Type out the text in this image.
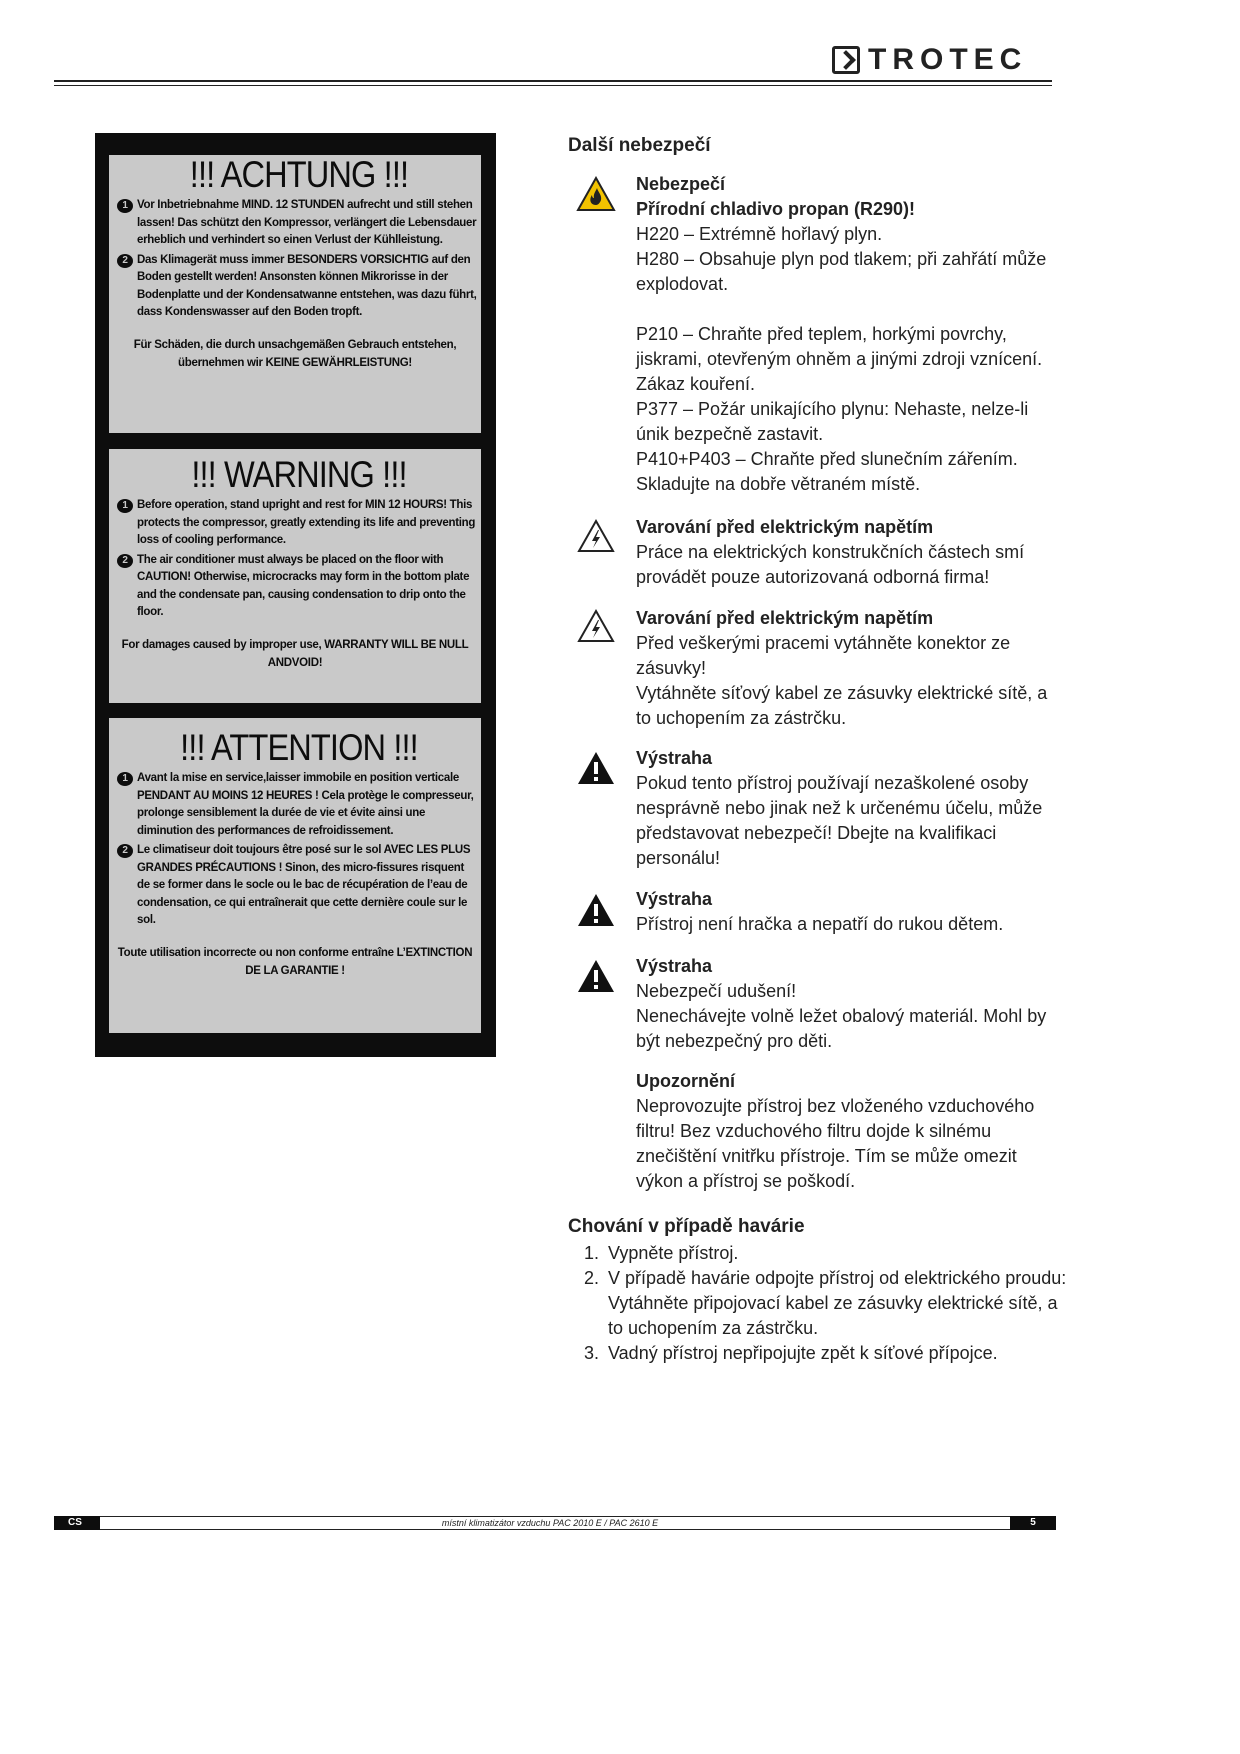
TROTEC
!!! ACHTUNG !!!
1 Vor Inbetriebnahme MIND. 12 STUNDEN aufrecht und still stehen lassen! Das schützt den Kompressor, verlängert die Lebensdauer erheblich und verhindert so einen Verlust der Kühlleistung.
2 Das Klimagerät muss immer BESONDERS VORSICHTIG auf den Boden gestellt werden! Ansonsten können Mikrorisse in der Bodenplatte und der Kondensatwanne entstehen, was dazu führt, dass Kondenswasser auf den Boden tropft.
Für Schäden, die durch unsachgemäßen Gebrauch entstehen, übernehmen wir KEINE GEWÄHRLEISTUNG!
!!! WARNING !!!
1 Before operation, stand upright and rest for MIN 12 HOURS! This protects the compressor, greatly extending its life and preventing loss of cooling performance.
2 The air conditioner must always be placed on the floor with CAUTION! Otherwise, microcracks may form in the bottom plate and the condensate pan, causing condensation to drip onto the floor.
For damages caused by improper use, WARRANTY WILL BE NULL ANDVOID!
!!! ATTENTION !!!
1 Avant la mise en service,laisser immobile en position verticale PENDANT AU MOINS 12 HEURES ! Cela protège le compresseur, prolonge sensiblement la durée de vie et évite ainsi une diminution des performances de refroidissement.
2 Le climatiseur doit toujours être posé sur le sol AVEC LES PLUS GRANDES PRÉCAUTIONS ! Sinon, des micro-fissures risquent de se former dans le socle ou le bac de récupération de l’eau de condensation, ce qui entraînerait que cette dernière coule sur le sol.
Toute utilisation incorrecte ou non conforme entraîne L’EXTINCTION DE LA GARANTIE !
Další nebezpečí
Nebezpečí

Přírodní chladivo propan (R290)!

H220 – Extrémně hořlavý plyn.

H280 – Obsahuje plyn pod tlakem; při zahřátí může explodovat.

P210 – Chraňte před teplem, horkými povrchy, jiskrami, otevřeným ohněm a jinými zdroji vznícení. Zákaz kouření.

P377 – Požár unikajícího plynu: Nehaste, nelze-li únik bezpečně zastavit.

P410+P403 – Chraňte před slunečním zářením. Skladujte na dobře větraném místě.

Varování před elektrickým napětím

Práce na elektrických konstrukčních částech smí provádět pouze autorizovaná odborná firma!

Varování před elektrickým napětím

Před veškerými pracemi vytáhněte konektor ze zásuvky!

Vytáhněte síťový kabel ze zásuvky elektrické sítě, a to uchopením za zástrčku.

Výstraha

Pokud tento přístroj používají nezaškolené osoby nesprávně nebo jinak než k určenému účelu, může představovat nebezpečí! Dbejte na kvalifikaci personálu!

Výstraha

Přístroj není hračka a nepatří do rukou dětem.

Výstraha

Nebezpečí udušení!

Nenechávejte volně ležet obalový materiál. Mohl by být nebezpečný pro děti.

Upozornění

Neprovozujte přístroj bez vloženého vzduchového filtru! Bez vzduchového filtru dojde k silnému znečištění vnitřku přístroje. Tím se může omezit výkon a přístroj se poškodí.

Chování v případě havárie
1. Vypněte přístroj.
2. V případě havárie odpojte přístroj od elektrického proudu: Vytáhněte připojovací kabel ze zásuvky elektrické sítě, a to uchopením za zástrčku.
3. Vadný přístroj nepřipojujte zpět k síťové přípojce.
CS	místní klimatizátor vzduchu PAC 2010 E / PAC 2610 E	5
